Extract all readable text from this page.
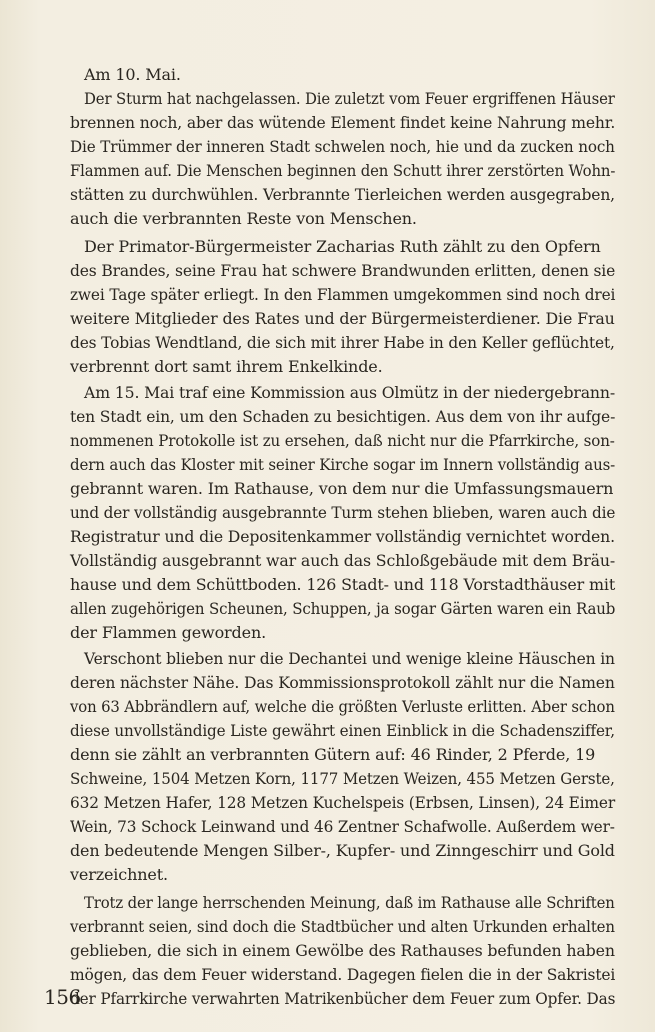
Am 10. Mai.
Der Sturm hat nachgelassen. Die zuletzt vom Feuer ergriffenen Häuser
brennen noch, aber das wütende Element findet keine Nahrung mehr.
Die Trümmer der inneren Stadt schwelen noch, hie und da zucken noch
Flammen auf. Die Menschen beginnen den Schutt ihrer zerstörten Wohn-
stätten zu durchwühlen. Verbrannte Tierleichen werden ausgegraben,
auch die verbrannten Reste von Menschen.
Der Primator-Bürgermeister Zacharias Ruth zählt zu den Opfern
des Brandes, seine Frau hat schwere Brandwunden erlitten, denen sie
zwei Tage später erliegt. In den Flammen umgekommen sind noch drei
weitere Mitglieder des Rates und der Bürgermeisterdiener. Die Frau
des Tobias Wendtland, die sich mit ihrer Habe in den Keller geflüchtet,
verbrennt dort samt ihrem Enkelkinde.
Am 15. Mai traf eine Kommission aus Olmütz in der niedergebrann-
ten Stadt ein, um den Schaden zu besichtigen. Aus dem von ihr aufge-
nommenen Protokolle ist zu ersehen, daß nicht nur die Pfarrkirche, son-
dern auch das Kloster mit seiner Kirche sogar im Innern vollständig aus-
gebrannt waren. Im Rathause, von dem nur die Umfassungsmauern
und der vollständig ausgebrannte Turm stehen blieben, waren auch die
Registratur und die Depositenkammer vollständig vernichtet worden.
Vollständig ausgebrannt war auch das Schloßgebäude mit dem Bräu-
hause und dem Schüttboden. 126 Stadt- und 118 Vorstadthäuser mit
allen zugehörigen Scheunen, Schuppen, ja sogar Gärten waren ein Raub
der Flammen geworden.
Verschont blieben nur die Dechantei und wenige kleine Häuschen in
deren nächster Nähe. Das Kommissionsprotokoll zählt nur die Namen
von 63 Abbrändlern auf, welche die größten Verluste erlitten. Aber schon
diese unvollständige Liste gewährt einen Einblick in die Schadensziffer,
denn sie zählt an verbrannten Gütern auf: 46 Rinder, 2 Pferde, 19
Schweine, 1504 Metzen Korn, 1177 Metzen Weizen, 455 Metzen Gerste,
632 Metzen Hafer, 128 Metzen Kuchelspeis (Erbsen, Linsen), 24 Eimer
Wein, 73 Schock Leinwand und 46 Zentner Schafwolle. Außerdem wer-
den bedeutende Mengen Silber-, Kupfer- und Zinngeschirr und Gold
verzeichnet.
Trotz der lange herrschenden Meinung, daß im Rathause alle Schriften
verbrannt seien, sind doch die Stadtbücher und alten Urkunden erhalten
geblieben, die sich in einem Gewölbe des Rathauses befunden haben
mögen, das dem Feuer widerstand. Dagegen fielen die in der Sakristei
der Pfarrkirche verwahrten Matrikenbücher dem Feuer zum Opfer. Das
156
